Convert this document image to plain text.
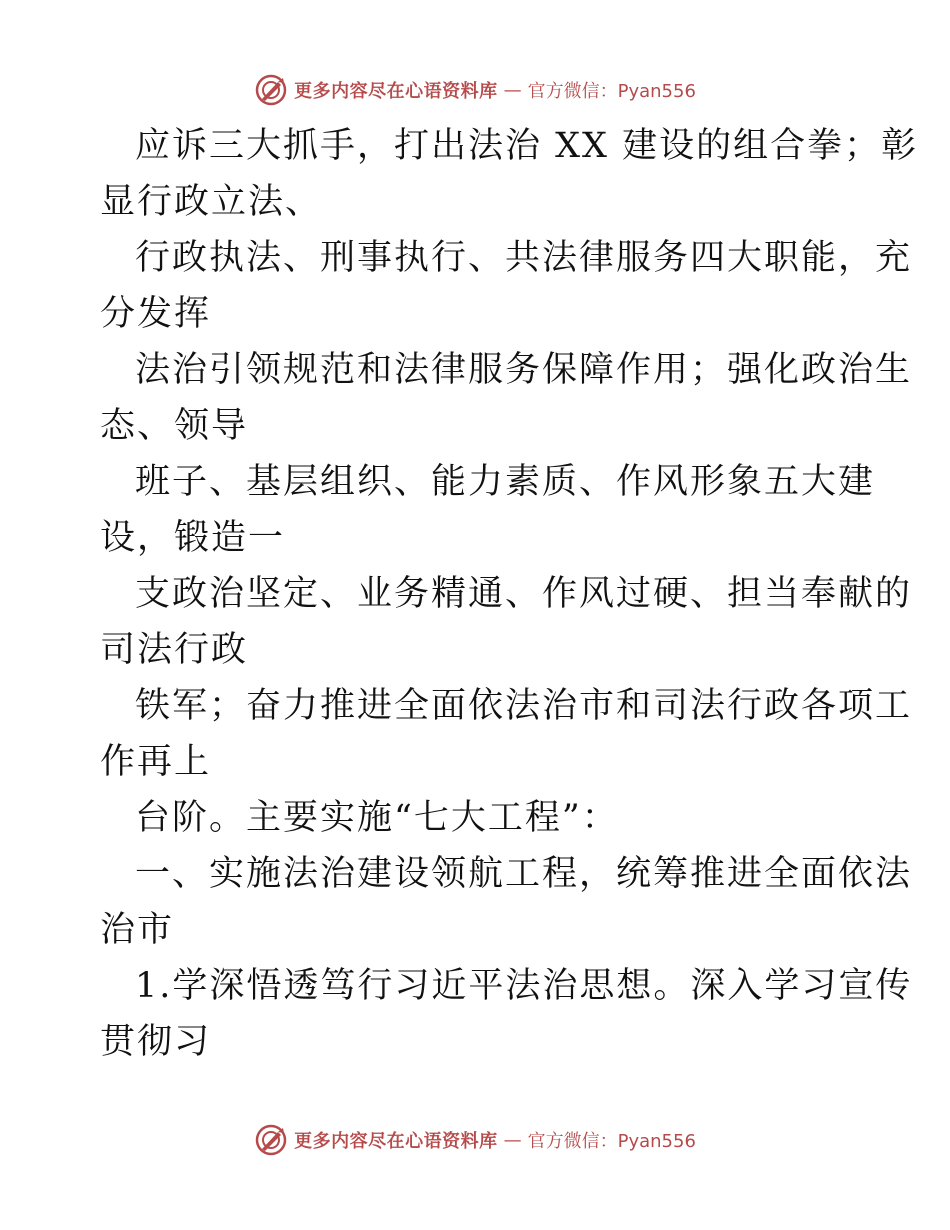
更多内容尽在心语资料库 — 官方微信：Pyan556
应诉三大抓手，打出法治 XX 建设的组合拳；彰
显行政立法、
行政执法、刑事执行、共法律服务四大职能，充
分发挥
法治引领规范和法律服务保障作用；强化政治生
态、领导
班子、基层组织、能力素质、作风形象五大建
设，锻造一
支政治坚定、业务精通、作风过硬、担当奉献的
司法行政
铁军；奋力推进全面依法治市和司法行政各项工
作再上
台阶。主要实施“七大工程”：
一、实施法治建设领航工程，统筹推进全面依法
治市
1.学深悟透笃行习近平法治思想。深入学习宣传
贯彻习
更多内容尽在心语资料库 — 官方微信：Pyan556
